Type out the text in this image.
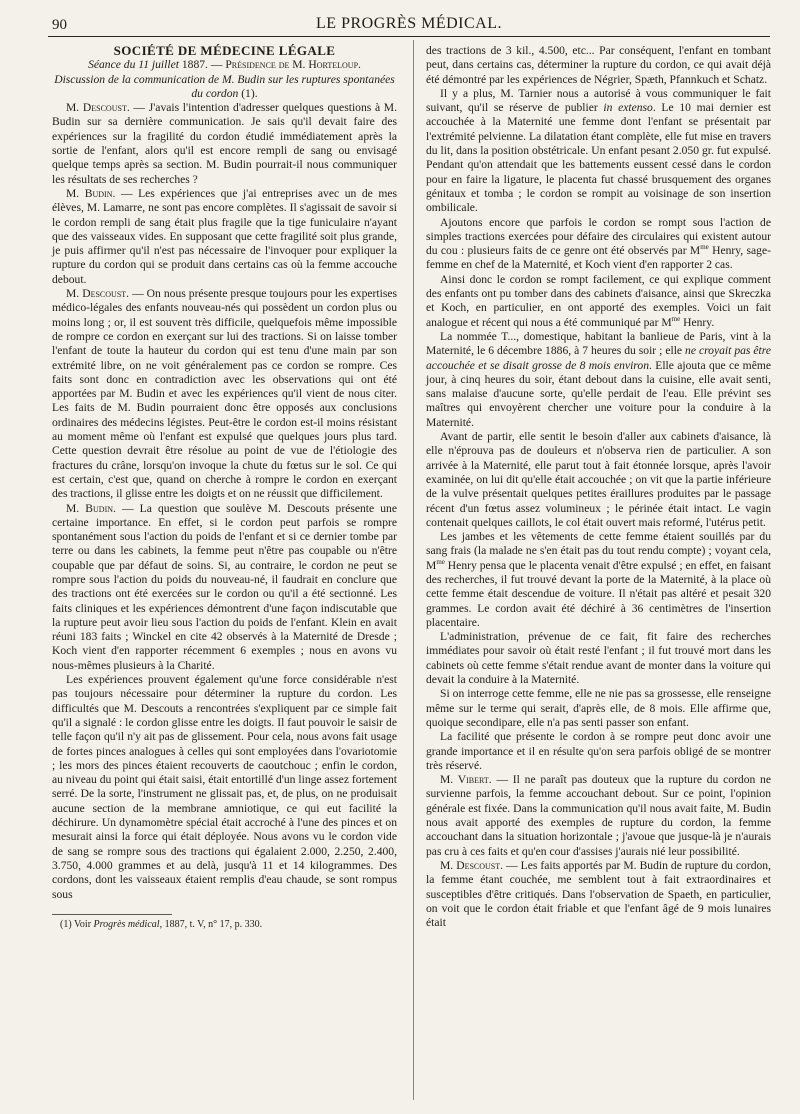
90	LE PROGRÈS MÉDICAL.
SOCIÉTÉ DE MÉDECINE LÉGALE
Séance du 11 juillet 1887. — Présidence de M. Horteloup.
Discussion de la communication de M. Budin sur les ruptures spontanées du cordon (1).

M. Descoust. — J'avais l'intention d'adresser quelques questions à M. Budin sur sa dernière communication. Je sais qu'il devait faire des expériences sur la fragilité du cordon étudié immédiatement après la sortie de l'enfant, alors qu'il est encore rempli de sang ou envisagé quelque temps après sa section. M. Budin pourrait-il nous communiquer les résultats de ses recherches ?

M. Budin. — Les expériences que j'ai entreprises avec un de mes élèves, M. Lamarre, ne sont pas encore complètes. Il s'agissait de savoir si le cordon rempli de sang était plus fragile que la tige funiculaire n'ayant que des vaisseaux vides. En supposant que cette fragilité soit plus grande, je puis affirmer qu'il n'est pas nécessaire de l'invoquer pour expliquer la rupture du cordon qui se produit dans certains cas où la femme accouche debout.

M. Descoust. — On nous présente presque toujours pour les expertises médico-légales des enfants nouveau-nés qui possèdent un cordon plus ou moins long ; or, il est souvent très difficile, quelquefois même impossible de rompre ce cordon en exerçant sur lui des tractions. Si on laisse tomber l'enfant de toute la hauteur du cordon qui est tenu d'une main par son extrémité libre, on ne voit généralement pas ce cordon se rompre. Ces faits sont donc en contradiction avec les observations qui ont été apportées par M. Budin et avec les expériences qu'il vient de nous citer. Les faits de M. Budin pourraient donc être opposés aux conclusions ordinaires des médecins légistes. Peut-être le cordon est-il moins résistant au moment même où l'enfant est expulsé que quelques jours plus tard. Cette question devrait être résolue au point de vue de l'étiologie des fractures du crâne, lorsqu'on invoque la chute du fœtus sur le sol. Ce qui est certain, c'est que, quand on cherche à rompre le cordon en exerçant des tractions, il glisse entre les doigts et on ne réussit que difficilement.

M. Budin. — La question que soulève M. Descouts présente une certaine importance. En effet, si le cordon peut parfois se rompre spontanément sous l'action du poids de l'enfant et si ce dernier tombe par terre ou dans les cabinets, la femme peut n'être pas coupable ou n'être coupable que par défaut de soins. Si, au contraire, le cordon ne peut se rompre sous l'action du poids du nouveau-né, il faudrait en conclure que des tractions ont été exercées sur le cordon ou qu'il a été sectionné. Les faits cliniques et les expériences démontrent d'une façon indiscutable que la rupture peut avoir lieu sous l'action du poids de l'enfant. Klein en avait réuni 183 faits ; Winckel en cite 42 observés à la Maternité de Dresde ; Koch vient d'en rapporter récemment 6 exemples ; nous en avons vu nous-mêmes plusieurs à la Charité.

Les expériences prouvent également qu'une force considérable n'est pas toujours nécessaire pour déterminer la rupture du cordon. Les difficultés que M. Descouts a rencontrées s'expliquent par ce simple fait qu'il a signalé : le cordon glisse entre les doigts. Il faut pouvoir le saisir de telle façon qu'il n'y ait pas de glissement. Pour cela, nous avons fait usage de fortes pinces analogues à celles qui sont employées dans l'ovariotomie ; les mors des pinces étaient recouverts de caoutchouc ; enfin le cordon, au niveau du point qui était saisi, était entortillé d'un linge assez fortement serré. De la sorte, l'instrument ne glissait pas, et, de plus, on ne produisait aucune section de la membrane amniotique, ce qui eut facilité la déchirure. Un dynamomètre spécial était accroché à l'une des pinces et on mesurait ainsi la force qui était déployée. Nous avons vu le cordon vide de sang se rompre sous des tractions qui égalaient 2.000, 2.250, 2.400, 3.750, 4.000 grammes et au delà, jusqu'à 11 et 14 kilogrammes. Des cordons, dont les vaisseaux étaient remplis d'eau chaude, se sont rompus sous

(1) Voir Progrès médical, 1887, t. V, n° 17, p. 330.

des tractions de 3 kil., 4.500, etc... Par conséquent, l'enfant en tombant peut, dans certains cas, déterminer la rupture du cordon, ce qui avait déjà été démontré par les expériences de Négrier, Spæth, Pfannkuch et Schatz.

Il y a plus, M. Tarnier nous a autorisé à vous communiquer le fait suivant, qu'il se réserve de publier in extenso. Le 10 mai dernier est accouchée à la Maternité une femme dont l'enfant se présentait par l'extrémité pelvienne. La dilatation étant complète, elle fut mise en travers du lit, dans la position obstétricale. Un enfant pesant 2.050 gr. fut expulsé. Pendant qu'on attendait que les battements eussent cessé dans le cordon pour en faire la ligature, le placenta fut chassé brusquement des organes génitaux et tomba ; le cordon se rompit au voisinage de son insertion ombilicale.

Ajoutons encore que parfois le cordon se rompt sous l'action de simples tractions exercées pour défaire des circulaires qui existent autour du cou : plusieurs faits de ce genre ont été observés par $M^{me}$ Henry, sage-femme en chef de la Maternité, et Koch vient d'en rapporter 2 cas.

Ainsi donc le cordon se rompt facilement, ce qui explique comment des enfants ont pu tomber dans des cabinets d'aisance, ainsi que Skreczka et Koch, en particulier, en ont apporté des exemples. Voici un fait analogue et récent qui nous a été communiqué par $M^{me}$ Henry.

La nommée T..., domestique, habitant la banlieue de Paris, vint à la Maternité, le 6 décembre 1886, à 7 heures du soir ; elle ne croyait pas être accouchée et se disait grosse de 8 mois environ. Elle ajouta que ce même jour, à cinq heures du soir, étant debout dans la cuisine, elle avait senti, sans malaise d'aucune sorte, qu'elle perdait de l'eau. Elle prévint ses maîtres qui envoyèrent chercher une voiture pour la conduire à la Maternité.

Avant de partir, elle sentit le besoin d'aller aux cabinets d'aisance, là elle n'éprouva pas de douleurs et n'observa rien de particulier. A son arrivée à la Maternité, elle parut tout à fait étonnée lorsque, après l'avoir examinée, on lui dit qu'elle était accouchée ; on vit que la partie inférieure de la vulve présentait quelques petites éraillures produites par le passage récent d'un fœtus assez volumineux ; le périnée était intact. Le vagin contenait quelques caillots, le col était ouvert mais reformé, l'utérus petit.

Les jambes et les vêtements de cette femme étaient souillés par du sang frais (la malade ne s'en était pas du tout rendu compte) ; voyant cela, $M^{me}$ Henry pensa que le placenta venait d'être expulsé ; en effet, en faisant des recherches, il fut trouvé devant la porte de la Maternité, à la place où cette femme était descendue de voiture. Il n'était pas altéré et pesait 320 grammes. Le cordon avait été déchiré à 36 centimètres de l'insertion placentaire.

L'administration, prévenue de ce fait, fit faire des recherches immédiates pour savoir où était resté l'enfant ; il fut trouvé mort dans les cabinets où cette femme s'était rendue avant de monter dans la voiture qui devait la conduire à la Maternité.

Si on interroge cette femme, elle ne nie pas sa grossesse, elle renseigne même sur le terme qui serait, d'après elle, de 8 mois. Elle affirme que, quoique secondipare, elle n'a pas senti passer son enfant.

La facilité que présente le cordon à se rompre peut donc avoir une grande importance et il en résulte qu'on sera parfois obligé de se montrer très réservé.

M. Vibert. — Il ne paraît pas douteux que la rupture du cordon ne survienne parfois, la femme accouchant debout. Sur ce point, l'opinion générale est fixée. Dans la communication qu'il nous avait faite, M. Budin nous avait apporté des exemples de rupture du cordon, la femme accouchant dans la situation horizontale ; j'avoue que jusque-là je n'aurais pas cru à ces faits et qu'en cour d'assises j'aurais nié leur possibilité.

M. Descoust. — Les faits apportés par M. Budin de rupture du cordon, la femme étant couchée, me semblent tout à fait extraordinaires et susceptibles d'être critiqués. Dans l'observation de Spaeth, en particulier, on voit que le cordon était friable et que l'enfant âgé de 9 mois lunaires était
